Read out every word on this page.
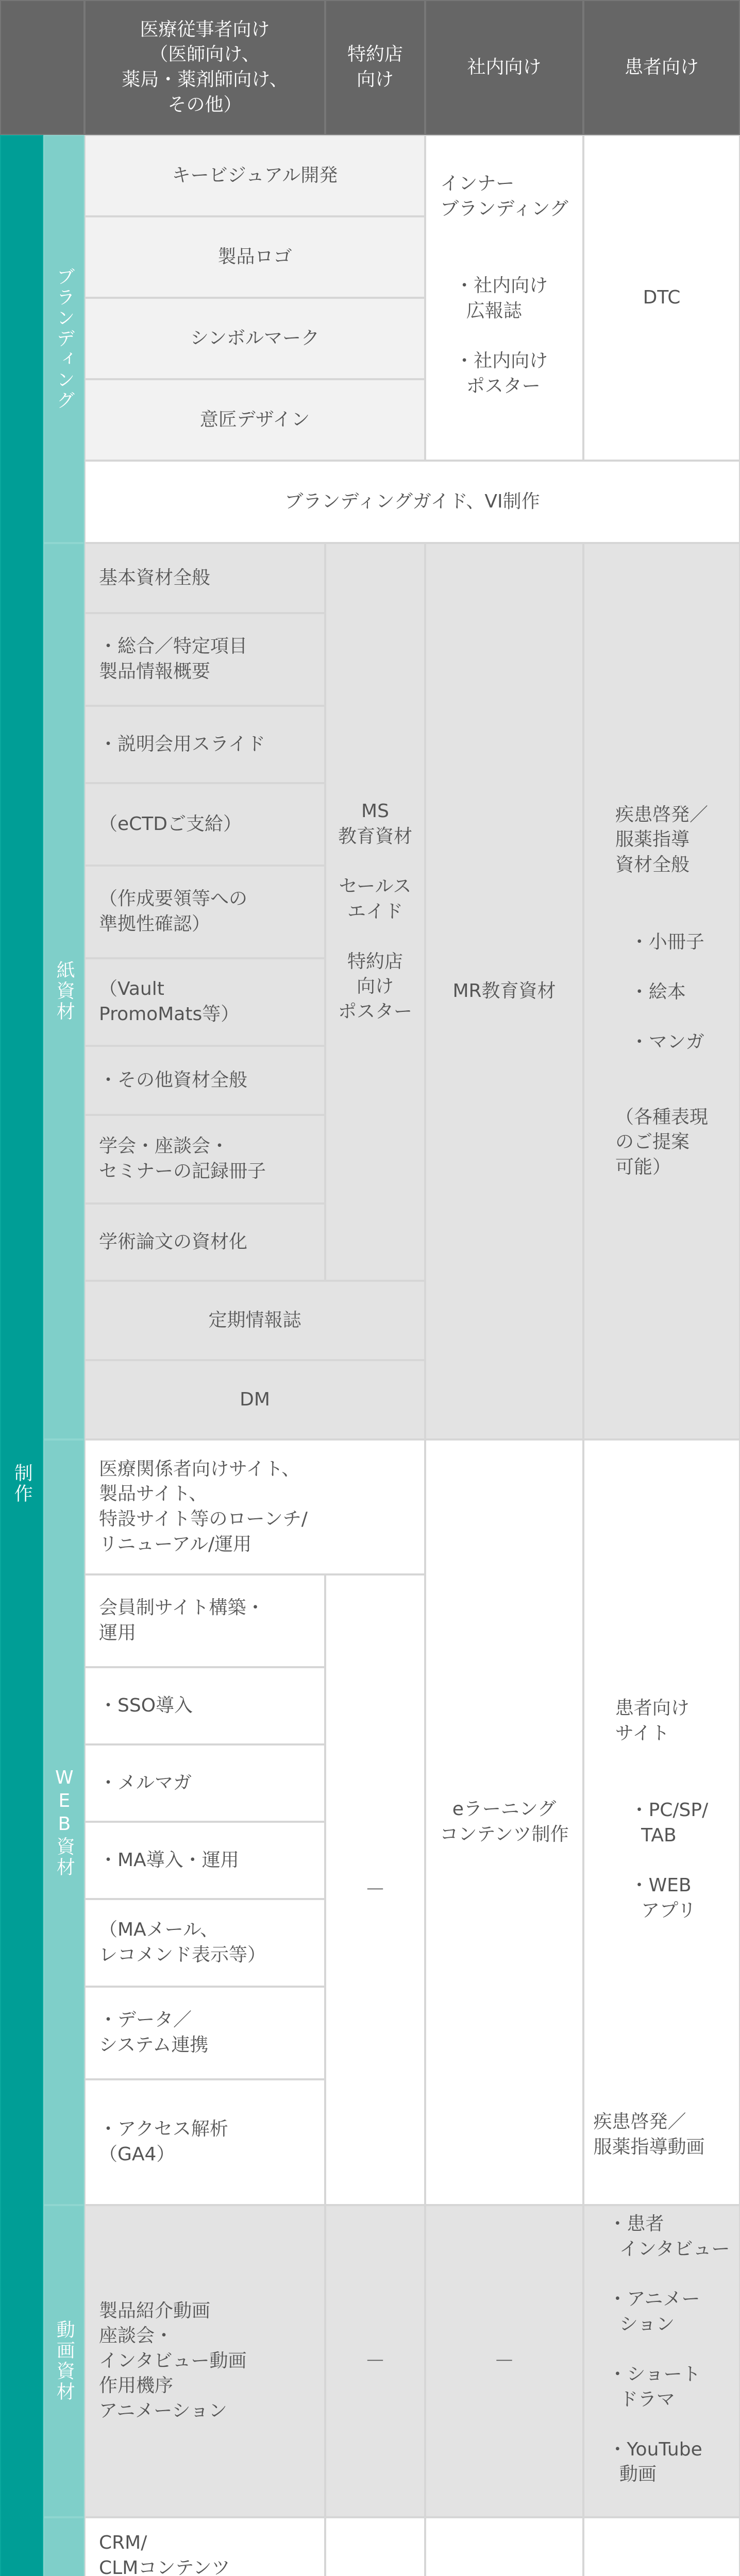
医療従事者向け
（医師向け、
薬局・薬剤師向け、
その他）
特約店
向け
社内向け	患者向け
制作
ブランディング
紙資材
WEB資材
動画資材
キービジュアル開発
製品ロゴ
シンボルマーク
意匠デザイン

インナー
ブランディング

・ 社内向け
広報誌

・ 社内向け
ポスター

DTC
ブランディングガイド、VI制作
基本資材全般
・総合／特定項目
製品情報概要
・説明会用スライド
（eCTDご支給）
（作成要領等への
準拠性確認）
（Vault
PromoMats等）
・その他資材全般
学会・座談会・
セミナーの記録冊子
学術論文の資材化
MS
教育資材

セールス
エイド

特約店
向け
ポスター
MR教育資材

疾患啓発／
服薬指導
資材全般

・ 小冊子

・ 絵本

・ マンガ

（各種表現
のご提案
可能）

定期情報誌
DM
医療関係者向けサイト、
製品サイト、
特設サイト等のローンチ/
リニューアル/運用
会員制サイト構築・
運用
・SSO導入
・メルマガ
・MA導入・運用
（MAメール、
レコメンド表示等）
・データ／
システム連携
・アクセス解析
（GA4）
－
eラーニング
コンテンツ制作

患者向け
サイト

・ PC/SP/
TAB

・ WEB
アプリ

製品紹介動画
座談会・
インタビュー動画
作用機序
アニメーション
－	－

疾患啓発／
服薬指導動画

・ 患者
インタビュー

・ アニメー
ション

・ ショート
ドラマ

・ YouTube
動画

CRM/
CLMコンテンツ
